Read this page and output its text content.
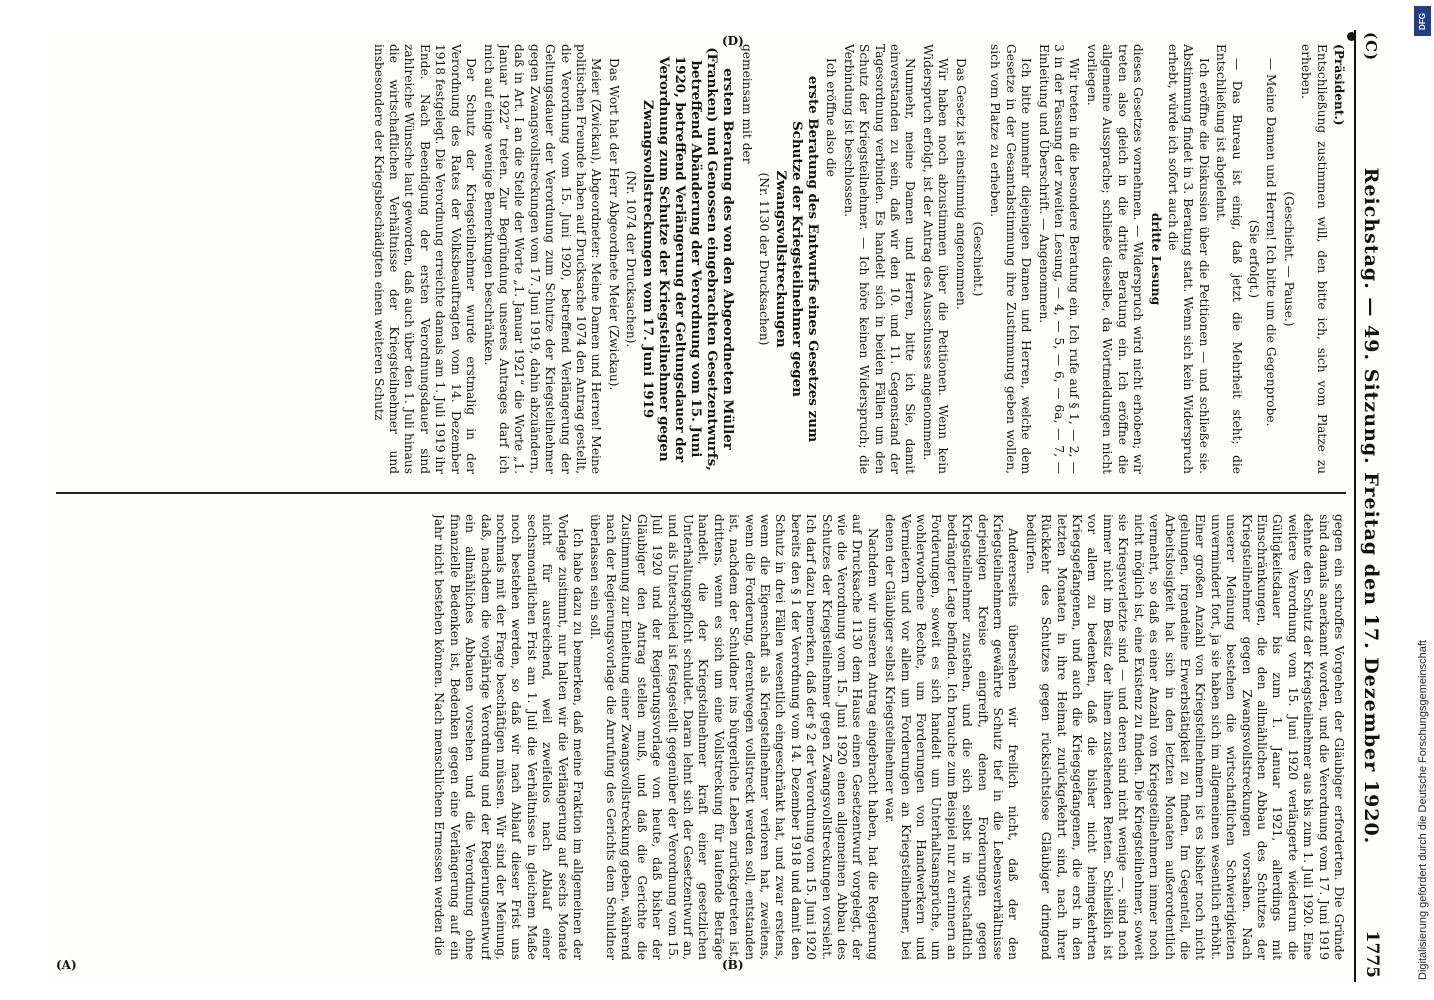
(C)
Reichstag. — 49. Sitzung. Freitag den 17. Dezember 1920.
1775

(Präsident.)

Entschließung zustimmen will, den bitte ich, sich vom Platze zu erheben.

(Geschieht. — Pause.)

— Meine Damen und Herren! Ich bitte um die Gegenprobe.

(Sie erfolgt.)

— Das Bureau ist einig, daß jetzt die Mehrheit steht; die Entschließung ist abgelehnt.

Ich eröffne die Diskussion über die Petitionen — und schließe sie. Abstimmung findet in 3. Beratung statt. Wenn sich kein Widerspruch erhebt, würde ich sofort auch die

dritte Lesung

dieses Gesetzes vornehmen. — Widerspruch wird nicht erhoben; wir treten also gleich in die dritte Beratung ein. Ich eröffne die allgemeine Aussprache; schließe dieselbe, da Wortmeldungen nicht vorliegen.

Wir treten in die besondere Beratung ein. Ich rufe auf § 1, — 2, — 3 in der Fassung der zweiten Lesung, — 4, — 5, — 6, — 6a, — 7, — Einleitung und Überschrift. — Angenommen.

Ich bitte nunmehr diejenigen Damen und Herren, welche dem Gesetze in der Gesamtabstimmung ihre Zustimmung geben wollen, sich vom Platze zu erheben.

(Geschieht.)

Das Gesetz ist einstimmig angenommen.

Wir haben noch abzustimmen über die Petitionen. Wenn kein Widerspruch erfolgt, ist der Antrag des Ausschusses angenommen.

Nunmehr, meine Damen und Herren, bitte ich Sie, damit einverstanden zu sein, daß wir den 10. und 11. Gegenstand der Tagesordnung verbinden. Es handelt sich in beiden Fällen um den Schutz der Kriegsteilnehmer. — Ich höre keinen Widerspruch; die Verbindung ist beschlossen.

Ich eröffne also die

erste Beratung des Entwurfs eines Gesetzes zum Schutze der Kriegsteilnehmer gegen Zwangsvollstreckungen

(Nr. 1130 der Drucksachen)

gemeinsam mit der

ersten Beratung des von den Abgeordneten Müller (Franken) und Genossen eingebrachten Gesetzentwurfs, betreffend Abänderung der Verordnung vom 15. Juni 1920, betreffend Verlängerung der Geltungsdauer der Verordnung zum Schutze der Kriegsteilnehmer gegen Zwangsvollstreckungen vom 17. Juni 1919

(Nr. 1074 der Drucksachen).

Das Wort hat der Herr Abgeordnete Meier (Zwickau).

Meier (Zwickau), Abgeordneter: Meine Damen und Herren! Meine politischen Freunde haben auf Drucksache 1074 den Antrag gestellt, die Verordnung vom 15. Juni 1920, betreffend Verlängerung der Geltungsdauer der Verordnung zum Schutze der Kriegsteilnehmer gegen Zwangsvollstreckungen vom 17. Juni 1919, dahin abzuändern, daß in Art. I an die Stelle der Worte „1. Januar 1921“ die Worte „1. Januar 1922“ treten. Zur Begründung unseres Antrages darf ich mich auf einige wenige Bemerkungen beschränken.

Der Schutz der Kriegsteilnehmer wurde erstmalig in der Verordnung des Rates der Volksbeauftragten vom 14. Dezember 1918 festgelegt. Die Verordnung erreichte damals am 1. Juli 1919 ihr Ende. Nach Beendigung der ersten Verordnungsdauer sind zahlreiche Wünsche laut geworden, daß auch über den 1. Juli hinaus die wirtschaftlichen Verhältnisse der Kriegsteilnehmer und insbesondere der Kriegsbeschädigten einen weiteren Schutz

gegen ein schroffes Vorgehen der Gläubiger erforderten. Die Gründe sind damals anerkannt worden, und die Verordnung vom 17. Juni 1919 dehnte den Schutz der Kriegsteilnehmer aus bis zum 1. Juli 1920. Eine weitere Verordnung vom 15. Juni 1920 verlängerte wiederum die Gültigkeitsdauer bis zum 1. Januar 1921, allerdings mit Einschränkungen, die den allmählichen Abbau des Schutzes der Kriegsteilnehmer gegen Zwangsvollstreckungen vorsahen. Nach unserer Meinung bestehen die wirtschaftlichen Schwierigkeiten unvermindert fort, ja sie haben sich im allgemeinen wesentlich erhöht. Einer großen Anzahl von Kriegsteilnehmern ist es bisher noch nicht gelungen, irgendeine Erwerbstätigkeit zu finden. Im Gegenteil, die Arbeitslosigkeit hat sich in den letzten Monaten außerordentlich vermehrt, so daß es einer Anzahl von Kriegsteilnehmern immer noch nicht möglich ist, eine Existenz zu finden. Die Kriegsteilnehmer, soweit sie Kriegsverletzte sind — und deren sind nicht wenige —, sind noch immer nicht im Besitz der ihnen zustehenden Renten. Schließlich ist vor allem zu bedenken, daß die bisher nicht heimgekehrten Kriegsgefangenen, und auch die Kriegsgefangenen, die erst in den letzten Monaten in ihre Heimat zurückgekehrt sind, nach ihrer Rückkehr des Schutzes gegen rücksichtslose Gläubiger dringend bedürfen.

Andererseits übersehen wir freilich nicht, daß der den Kriegsteilnehmern gewährte Schutz tief in die Lebensverhältnisse derjenigen Kreise eingreift, denen Forderungen gegen Kriegsteilnehmer zustehen, und die sich selbst in wirtschaftlich bedrängter Lage befinden. Ich brauche zum Beispiel nur zu erinnern an Forderungen, soweit es sich handelt um Unterhaltsansprüche, um wohlerworbene Rechte, um Forderungen von Handwerkern und Vermietern und vor allem um Forderungen an Kriegsteilnehmer, bei denen der Gläubiger selbst Kriegsteilnehmer war.

Nachdem wir unseren Antrag eingebracht haben, hat die Regierung auf Drucksache 1130 dem Hause einen Gesetzentwurf vorgelegt, der wie die Verordnung vom 15. Juni 1920 einen allgemeinen Abbau des Schutzes der Kriegsteilnehmer gegen Zwangsvollstreckungen vorsieht. Ich darf dazu bemerken, daß der § 2 der Verordnung vom 15. Juni 1920 bereits den § 1 der Verordnung vom 14. Dezember 1918 und damit den Schutz in drei Fällen wesentlich eingeschränkt hat, und zwar erstens, wenn die Eigenschaft als Kriegsteilnehmer verloren hat, zweitens, wenn die Forderung, derentwegen vollstreckt werden soll, entstanden ist, nachdem der Schuldner ins bürgerliche Leben zurückgetreten ist, drittens, wenn es sich um eine Vollstreckung für laufende Beträge handelt, die der Kriegsteilnehmer kraft einer gesetzlichen Unterhaltungspflicht schuldet. Daran lehnt sich der Gesetzentwurf an, und als Unterschied ist festgestellt gegenüber der Verordnung vom 15. Juli 1920 und der Regierungsvorlage von heute, daß bisher der Gläubiger den Antrag stellen muß, und daß die Gerichte die Zustimmung zur Einleitung einer Zwangsvollstreckung geben, während nach der Regierungsvorlage die Anrufung des Gerichts dem Schuldner überlassen sein soll.

Ich habe dazu zu bemerken, daß meine Fraktion im allgemeinen der Vorlage zustimmt, nur halten wir die Verlängerung auf sechs Monate nicht für ausreichend, weil zweifellos nach Ablauf einer sechsmonatlichen Frist am 1. Juli die Verhältnisse in gleichem Maße noch bestehen werden, so daß wir nach Ablauf dieser Frist uns nochmals mit der Frage beschäftigen müssen. Wir sind der Meinung, daß, nachdem die vorjährige Verordnung und der Regierungsentwurf ein allmähliches Abbauen vorsehen und die Verordnung ohne finanzielle Bedenken ist, Bedenken gegen eine Verlängerung auf ein Jahr nicht bestehen können. Nach menschlichem Ermessen werden die

(A)	(B)
(D)
DFG
Digitalisierung gefördert durch die Deutsche Forschungsgemeinschaft
